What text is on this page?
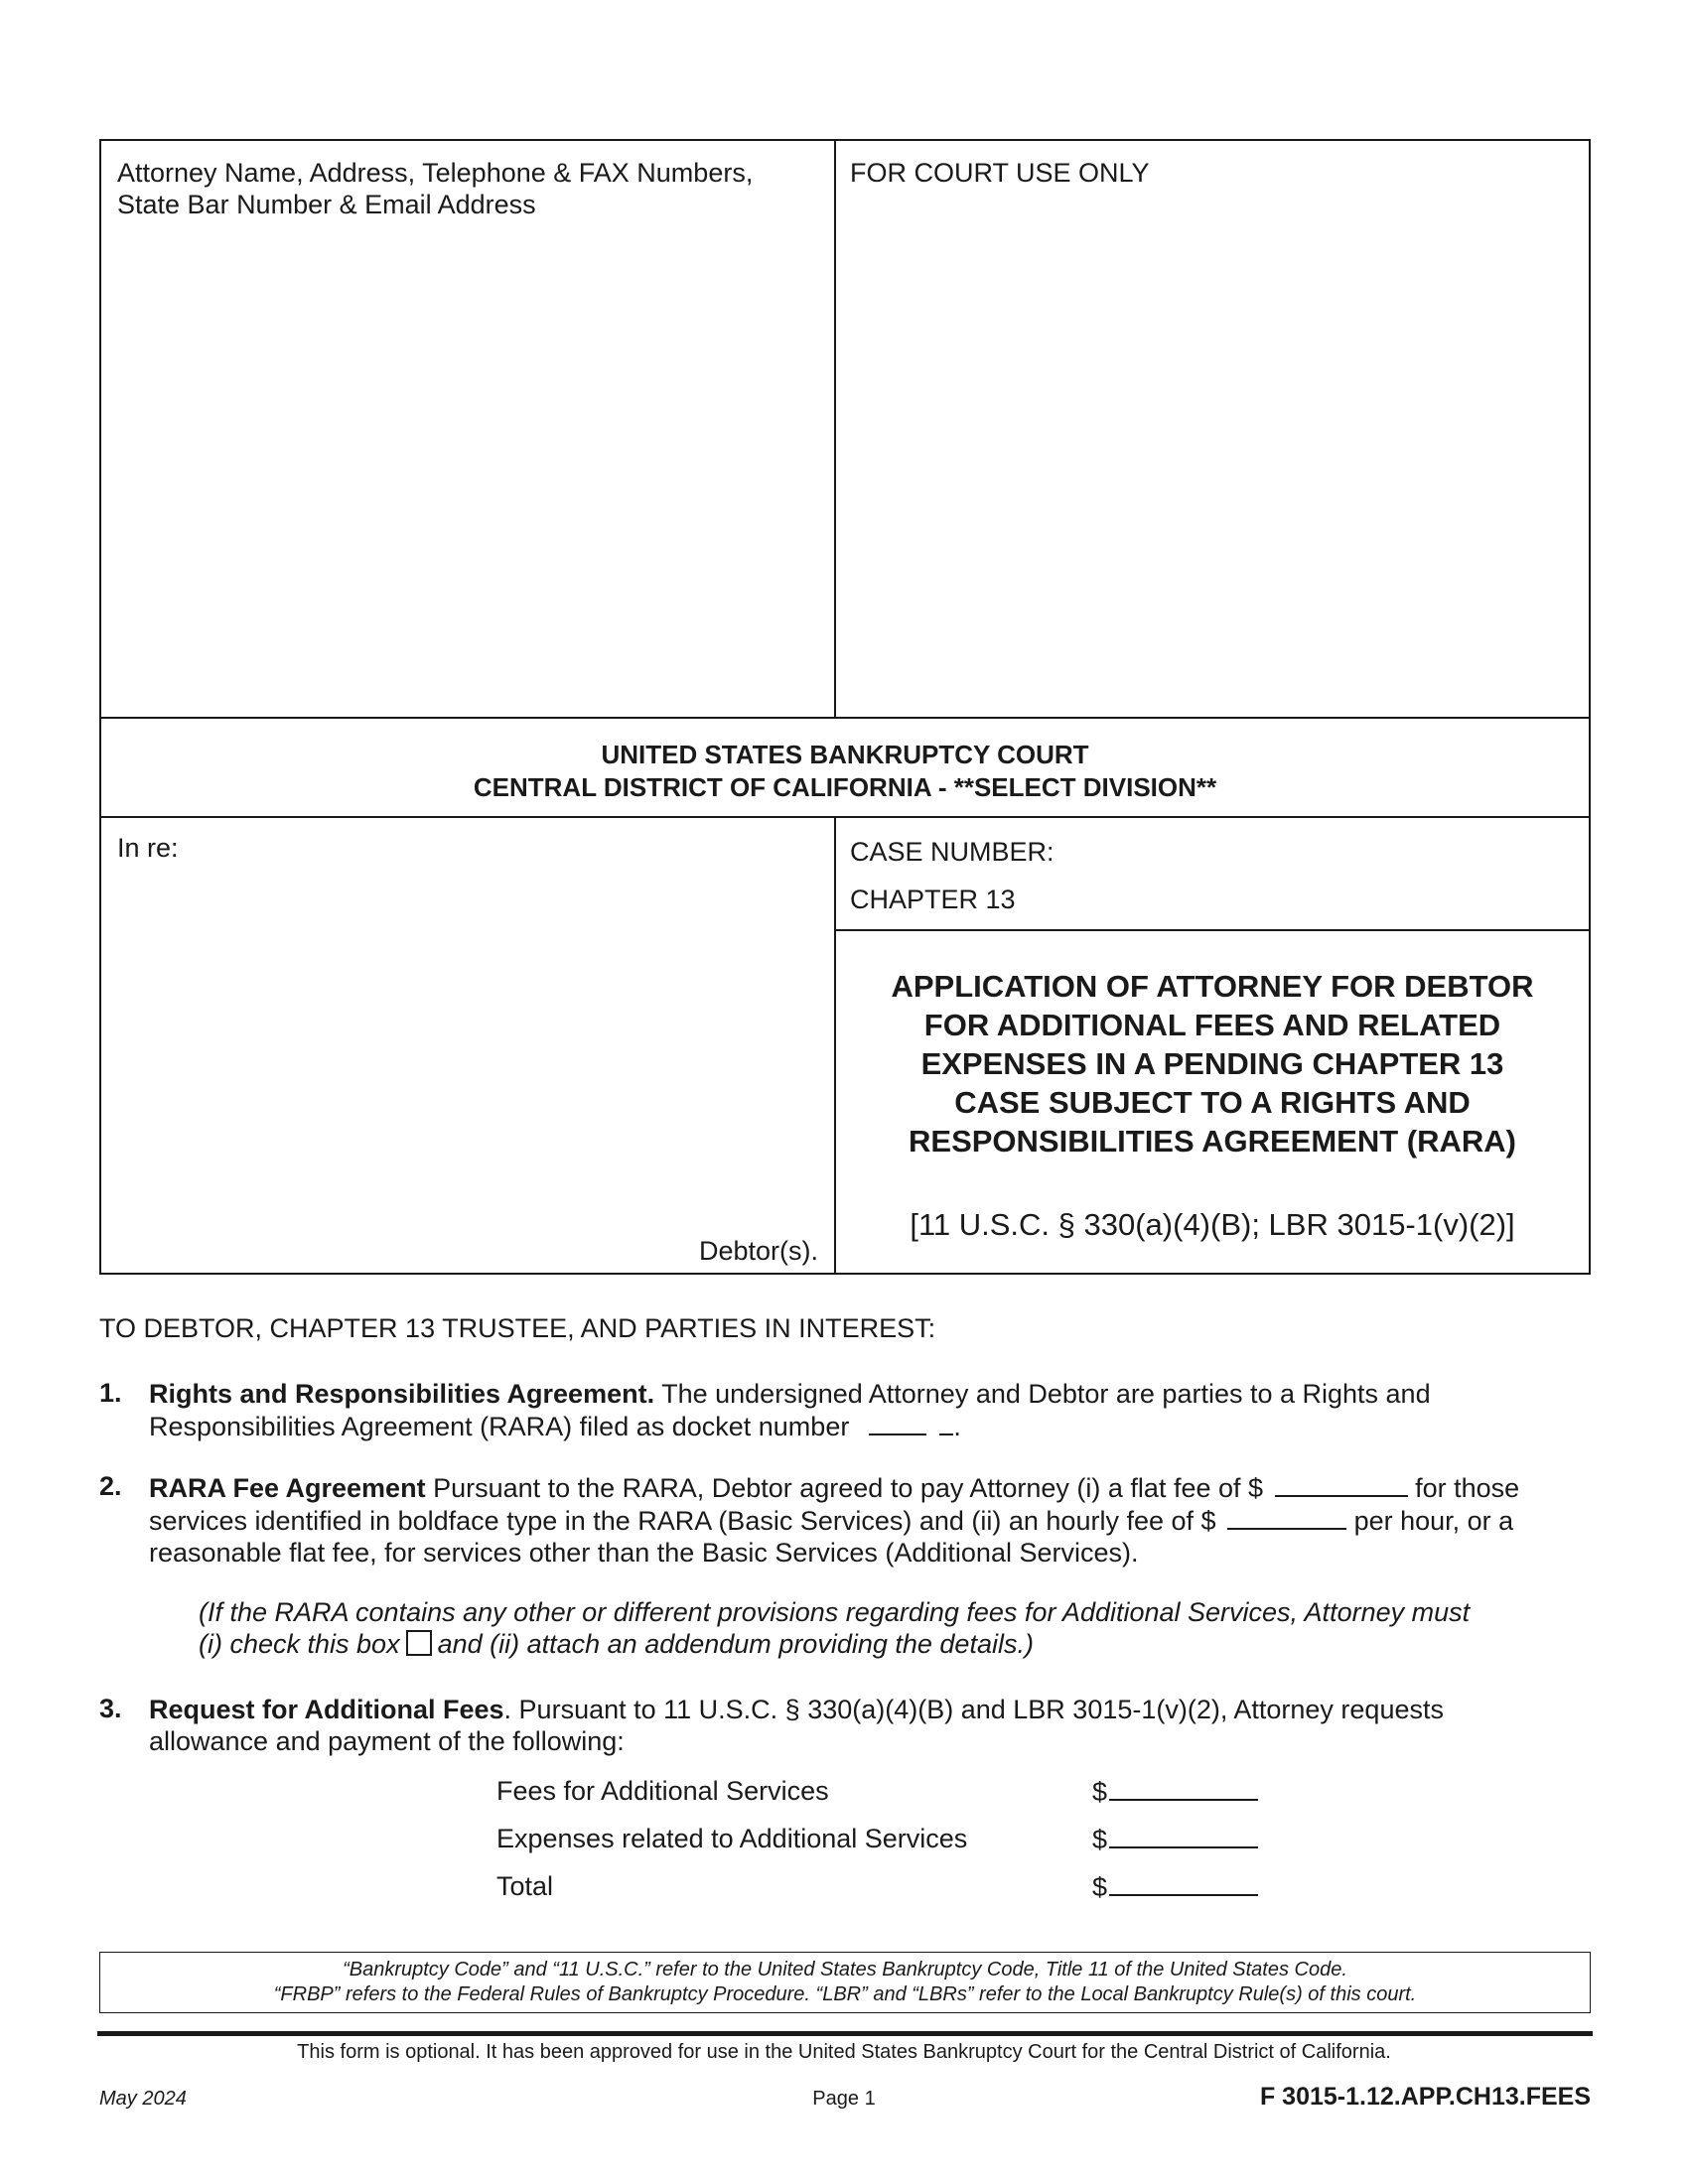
Attorney Name, Address, Telephone & FAX Numbers,
State Bar Number & Email Address
FOR COURT USE ONLY
UNITED STATES BANKRUPTCY COURT
CENTRAL DISTRICT OF CALIFORNIA - **SELECT DIVISION**
In re:
Debtor(s).
CASE NUMBER:
CHAPTER 13
APPLICATION OF ATTORNEY FOR DEBTOR
FOR ADDITIONAL FEES AND RELATED
EXPENSES IN A PENDING CHAPTER 13
CASE SUBJECT TO A RIGHTS AND
RESPONSIBILITIES AGREEMENT (RARA)
[11 U.S.C. § 330(a)(4)(B); LBR 3015-1(v)(2)]
TO DEBTOR, CHAPTER 13 TRUSTEE, AND PARTIES IN INTEREST:
1. Rights and Responsibilities Agreement. The undersigned Attorney and Debtor are parties to a Rights and
Responsibilities Agreement (RARA) filed as docket number	.
2. RARA Fee Agreement Pursuant to the RARA, Debtor agreed to pay Attorney (i) a flat fee of $	for those
services identified in boldface type in the RARA (Basic Services) and (ii) an hourly fee of $	per hour, or a
reasonable flat fee, for services other than the Basic Services (Additional Services).
(If the RARA contains any other or different provisions regarding fees for Additional Services, Attorney must
(i) check this box and (ii) attach an addendum providing the details.)
3. Request for Additional Fees. Pursuant to 11 U.S.C. § 330(a)(4)(B) and LBR 3015-1(v)(2), Attorney requests
allowance and payment of the following:
Fees for Additional Services	$
Expenses related to Additional Services	$
Total	$
“Bankruptcy Code” and “11 U.S.C.” refer to the United States Bankruptcy Code, Title 11 of the United States Code.
“FRBP” refers to the Federal Rules of Bankruptcy Procedure. “LBR” and “LBRs” refer to the Local Bankruptcy Rule(s) of this court.
This form is optional. It has been approved for use in the United States Bankruptcy Court for the Central District of California.
May 2024	Page 1	F 3015-1.12.APP.CH13.FEES
